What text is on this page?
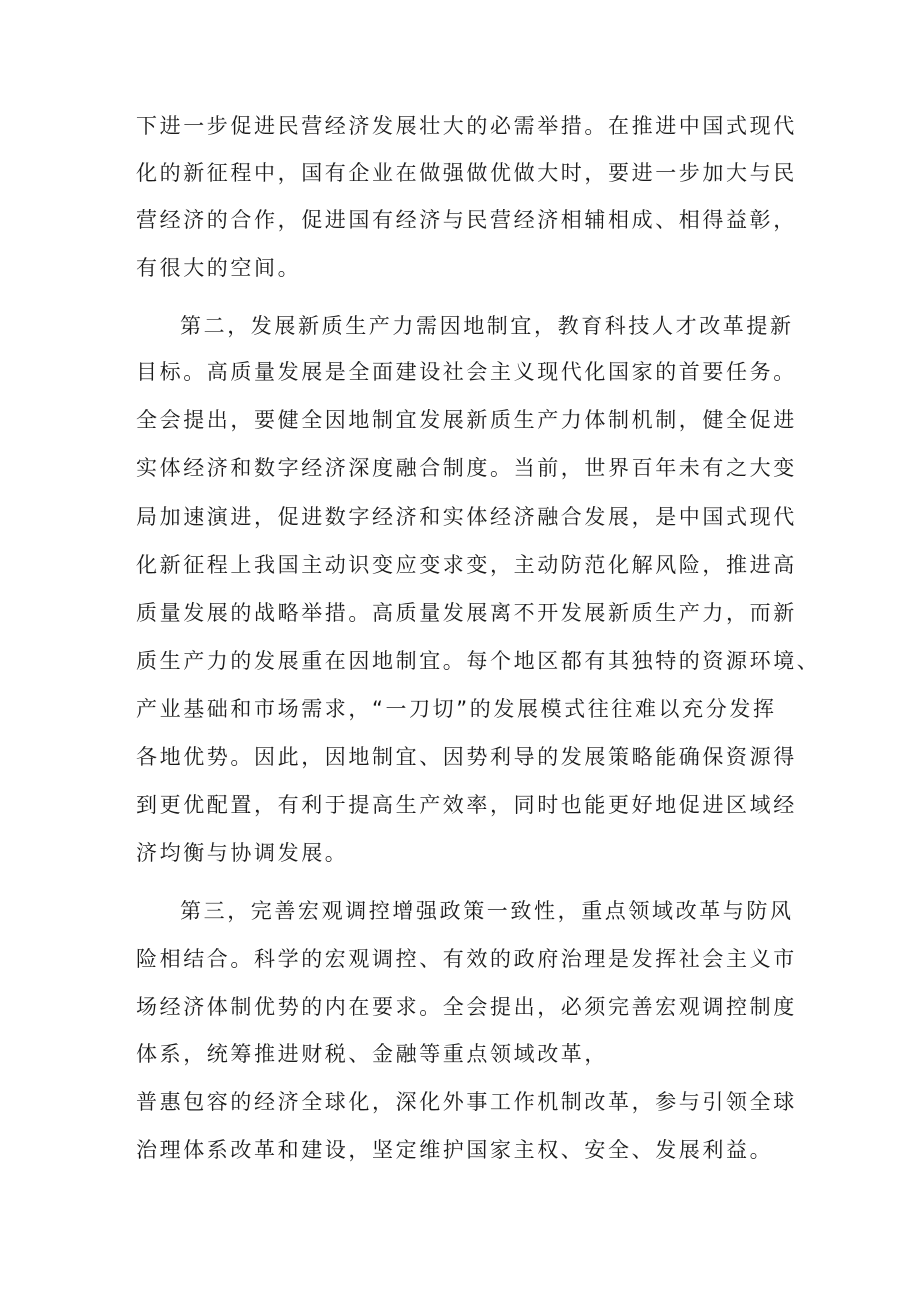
下进一步促进民营经济发展壮大的必需举措。在推进中国式现代
化的新征程中，国有企业在做强做优做大时，要进一步加大与民
营经济的合作，促进国有经济与民营经济相辅相成、相得益彰，
有很大的空间。
第二，发展新质生产力需因地制宜，教育科技人才改革提新
目标。高质量发展是全面建设社会主义现代化国家的首要任务。
全会提出，要健全因地制宜发展新质生产力体制机制，健全促进
实体经济和数字经济深度融合制度。当前，世界百年未有之大变
局加速演进，促进数字经济和实体经济融合发展，是中国式现代
化新征程上我国主动识变应变求变，主动防范化解风险，推进高
质量发展的战略举措。高质量发展离不开发展新质生产力，而新
质生产力的发展重在因地制宜。每个地区都有其独特的资源环境、
产业基础和市场需求，“一刀切”的发展模式往往难以充分发挥
各地优势。因此，因地制宜、因势利导的发展策略能确保资源得
到更优配置，有利于提高生产效率，同时也能更好地促进区域经
济均衡与协调发展。
第三，完善宏观调控增强政策一致性，重点领域改革与防风
险相结合。科学的宏观调控、有效的政府治理是发挥社会主义市
场经济体制优势的内在要求。全会提出，必须完善宏观调控制度
体系，统筹推进财税、金融等重点领域改革，
普惠包容的经济全球化，深化外事工作机制改革，参与引领全球
治理体系改革和建设，坚定维护国家主权、安全、发展利益。
